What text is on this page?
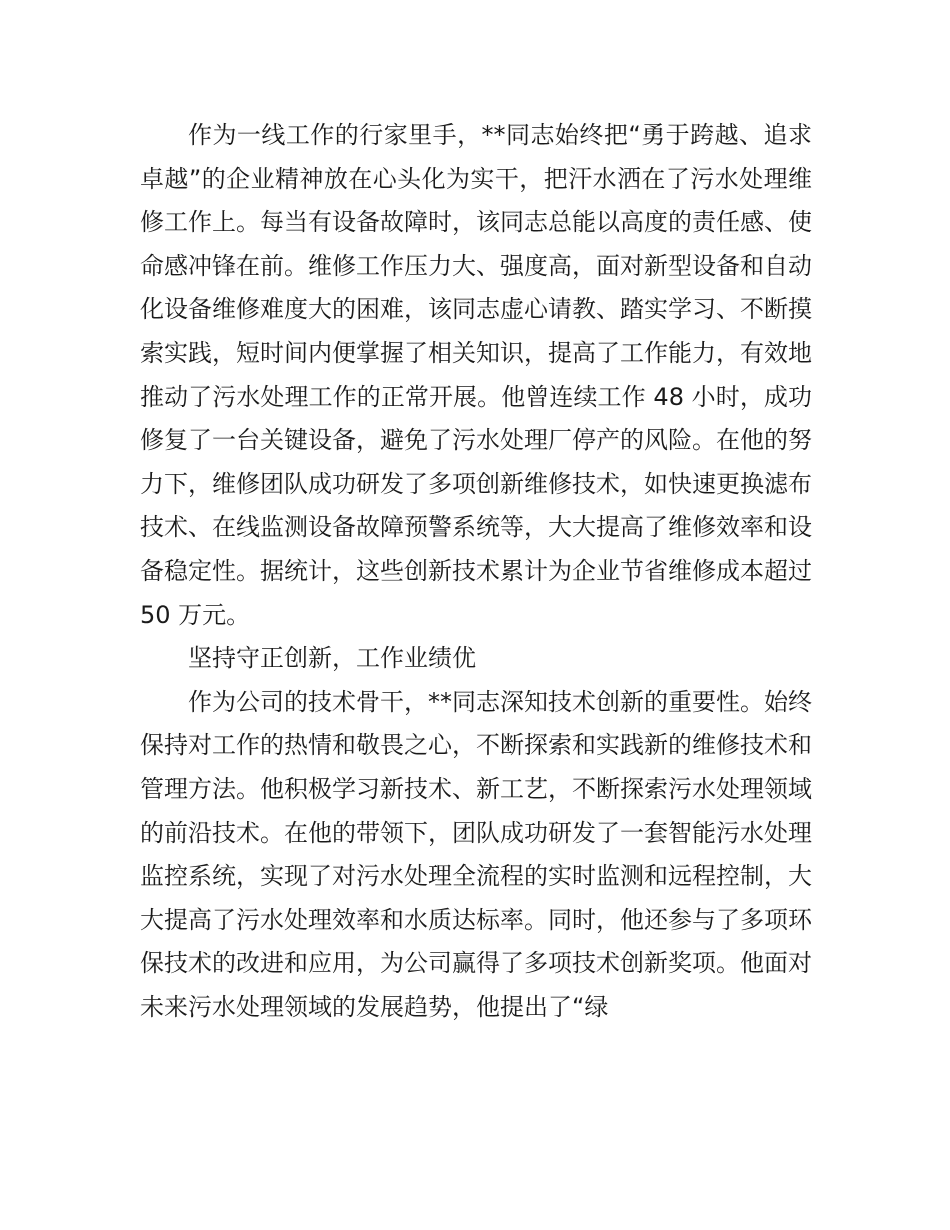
作为一线工作的行家里手，**同志始终把“勇于跨越、追求卓越”的企业精神放在心头化为实干，把汗水洒在了污水处理维修工作上。每当有设备故障时，该同志总能以高度的责任感、使命感冲锋在前。维修工作压力大、强度高，面对新型设备和自动化设备维修难度大的困难，该同志虚心请教、踏实学习、不断摸索实践，短时间内便掌握了相关知识，提高了工作能力，有效地推动了污水处理工作的正常开展。他曾连续工作 48 小时，成功修复了一台关键设备，避免了污水处理厂停产的风险。在他的努力下，维修团队成功研发了多项创新维修技术，如快速更换滤布技术、在线监测设备故障预警系统等，大大提高了维修效率和设备稳定性。据统计，这些创新技术累计为企业节省维修成本超过 50 万元。

坚持守正创新，工作业绩优

作为公司的技术骨干，**同志深知技术创新的重要性。始终保持对工作的热情和敬畏之心，不断探索和实践新的维修技术和管理方法。他积极学习新技术、新工艺，不断探索污水处理领域的前沿技术。在他的带领下，团队成功研发了一套智能污水处理监控系统，实现了对污水处理全流程的实时监测和远程控制，大大提高了污水处理效率和水质达标率。同时，他还参与了多项环保技术的改进和应用，为公司赢得了多项技术创新奖项。他面对未来污水处理领域的发展趋势，他提出了“绿
